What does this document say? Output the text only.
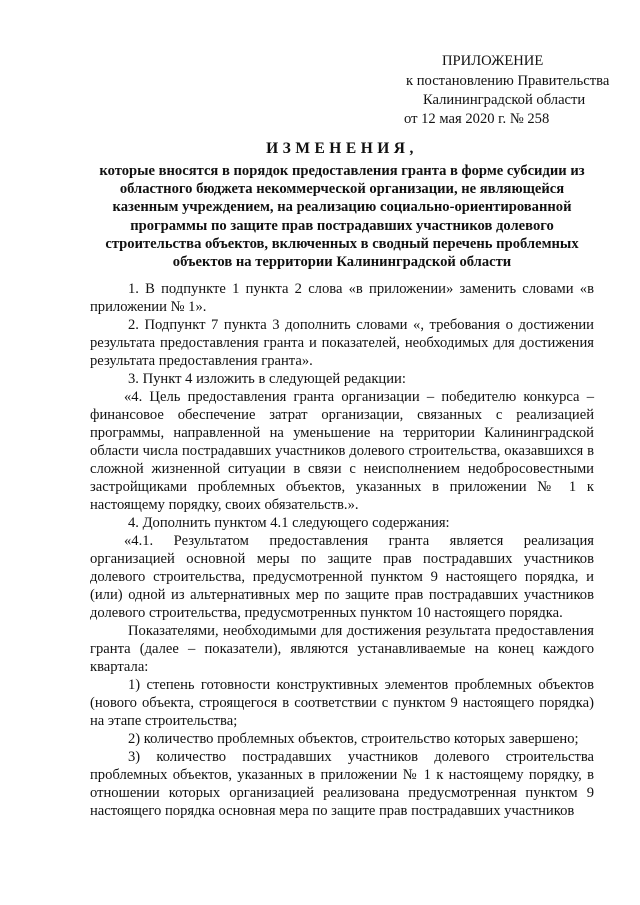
ПРИЛОЖЕНИЕ
к постановлению Правительства
Калининградской области
от 12 мая 2020 г. № 258
ИЗМЕНЕНИЯ,
которые вносятся в порядок предоставления гранта в форме субсидии из областного бюджета некоммерческой организации, не являющейся казенным учреждением, на реализацию социально-ориентированной программы по защите прав пострадавших участников долевого строительства объектов, включенных в сводный перечень проблемных объектов на территории Калининградской области

1. В подпункте 1 пункта 2 слова «в приложении» заменить словами «в приложении № 1».

2. Подпункт 7 пункта 3 дополнить словами «, требования о достижении результата предоставления гранта и показателей, необходимых для достижения результата предоставления гранта».

3. Пункт 4 изложить в следующей редакции:

«4. Цель предоставления гранта организации – победителю конкурса – финансовое обеспечение затрат организации, связанных с реализацией программы, направленной на уменьшение на территории Калининградской области числа пострадавших участников долевого строительства, оказавшихся в сложной жизненной ситуации в связи с неисполнением недобросовестными застройщиками проблемных объектов, указанных в приложении № 1 к настоящему порядку, своих обязательств.».

4. Дополнить пунктом 4.1 следующего содержания:

«4.1. Результатом предоставления гранта является реализация организацией основной меры по защите прав пострадавших участников долевого строительства, предусмотренной пунктом 9 настоящего порядка, и (или) одной из альтернативных мер по защите прав пострадавших участников долевого строительства, предусмотренных пунктом 10 настоящего порядка.

Показателями, необходимыми для достижения результата предоставления гранта (далее – показатели), являются устанавливаемые на конец каждого квартала:

1) степень готовности конструктивных элементов проблемных объектов (нового объекта, строящегося в соответствии с пунктом 9 настоящего порядка) на этапе строительства;

2) количество проблемных объектов, строительство которых завершено;

3) количество пострадавших участников долевого строительства проблемных объектов, указанных в приложении № 1 к настоящему порядку, в отношении которых организацией реализована предусмотренная пунктом 9 настоящего порядка основная мера по защите прав пострадавших участников
